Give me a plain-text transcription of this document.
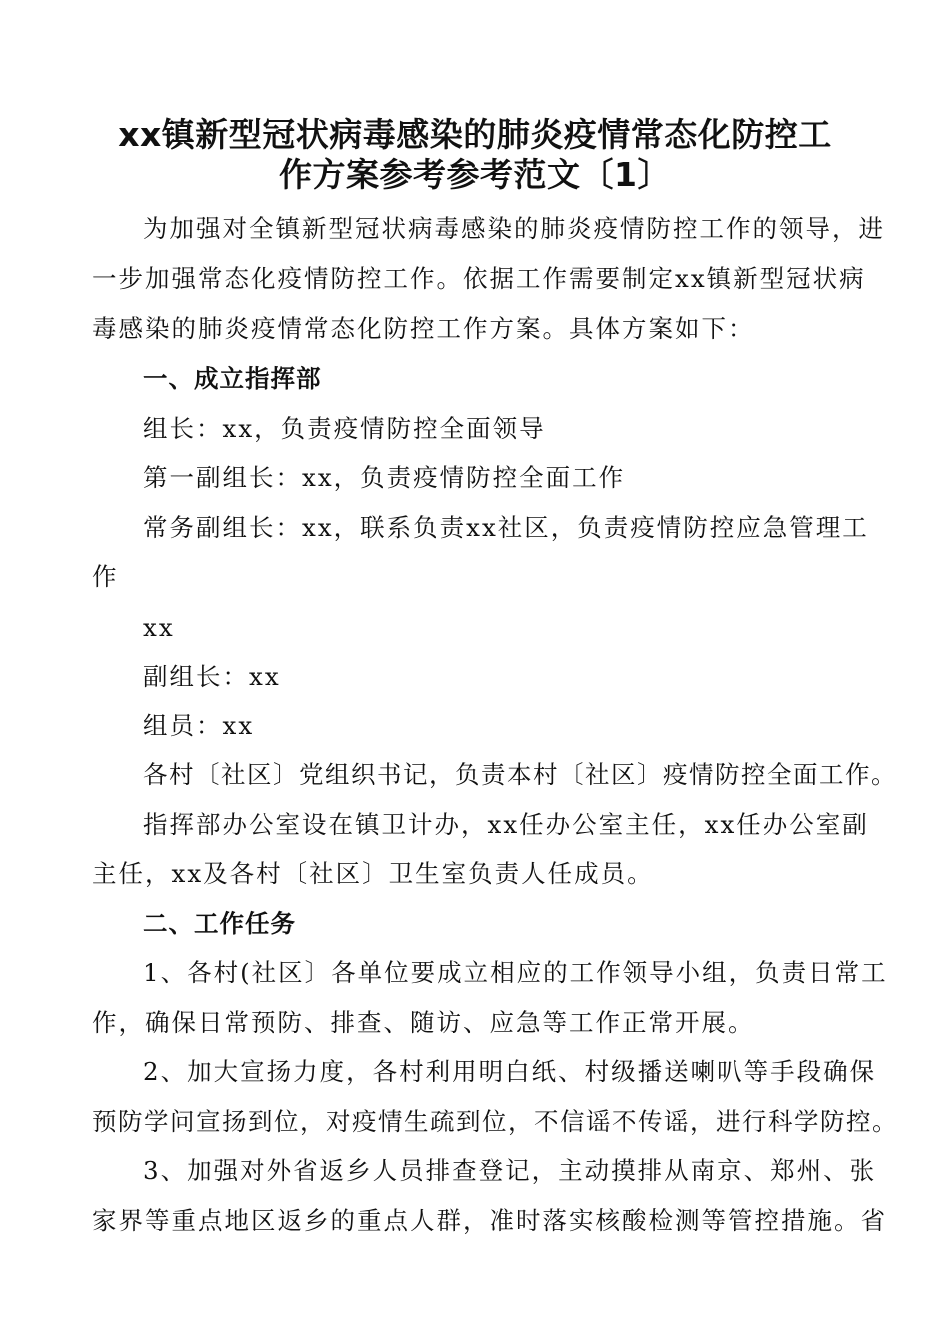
xx镇新型冠状病毒感染的肺炎疫情常态化防控工
作方案参考参考范文〔1〕
为加强对全镇新型冠状病毒感染的肺炎疫情防控工作的领导，进
一步加强常态化疫情防控工作。依据工作需要制定xx镇新型冠状病
毒感染的肺炎疫情常态化防控工作方案。具体方案如下：
一、成立指挥部
组长：xx，负责疫情防控全面领导
第一副组长：xx，负责疫情防控全面工作
常务副组长：xx，联系负责xx社区，负责疫情防控应急管理工
作
xx
副组长：xx
组员：xx
各村〔社区〕党组织书记，负责本村〔社区〕疫情防控全面工作。
指挥部办公室设在镇卫计办，xx任办公室主任，xx任办公室副
主任，xx及各村〔社区〕卫生室负责人任成员。
二、工作任务
1、各村(社区〕各单位要成立相应的工作领导小组，负责日常工
作，确保日常预防、排查、随访、应急等工作正常开展。
2、加大宣扬力度，各村利用明白纸、村级播送喇叭等手段确保
预防学问宣扬到位，对疫情生疏到位，不信谣不传谣，进行科学防控。
3、加强对外省返乡人员排查登记，主动摸排从南京、郑州、张
家界等重点地区返乡的重点人群，准时落实核酸检测等管控措施。省
